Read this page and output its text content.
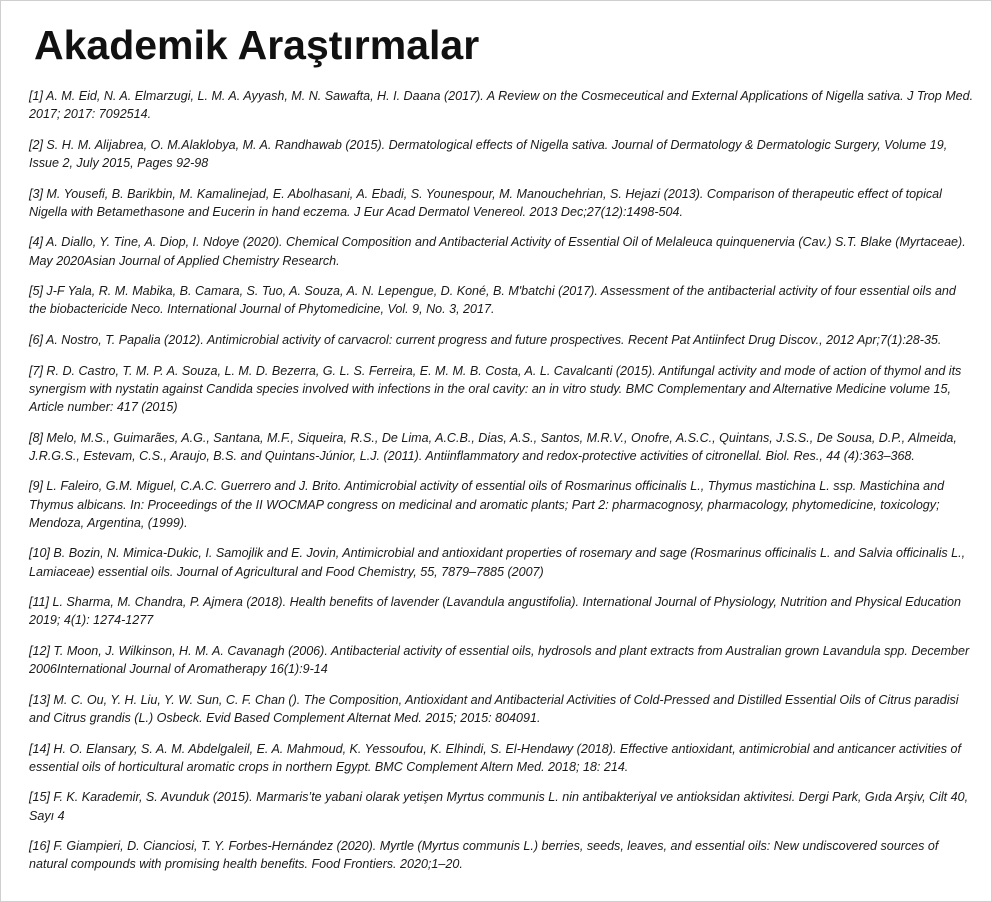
Akademik Araştırmalar
[1] A. M. Eid, N. A. Elmarzugi, L. M. A. Ayyash, M. N. Sawafta, H. I. Daana (2017). A Review on the Cosmeceutical and External Applications of Nigella sativa. J Trop Med. 2017; 2017: 7092514.
[2] S. H. M. Alijabrea, O. M.Alaklobya, M. A. Randhawab (2015). Dermatological effects of Nigella sativa. Journal of Dermatology & Dermatologic Surgery, Volume 19, Issue 2, July 2015, Pages 92-98
[3] M. Yousefi, B. Barikbin, M. Kamalinejad, E. Abolhasani, A. Ebadi, S. Younespour, M. Manouchehrian, S. Hejazi (2013). Comparison of therapeutic effect of topical Nigella with Betamethasone and Eucerin in hand eczema. J Eur Acad Dermatol Venereol. 2013 Dec;27(12):1498-504.
[4] A. Diallo, Y. Tine, A. Diop, I. Ndoye (2020). Chemical Composition and Antibacterial Activity of Essential Oil of Melaleuca quinquenervia (Cav.) S.T. Blake (Myrtaceae). May 2020Asian Journal of Applied Chemistry Research.
[5] J-F Yala, R. M. Mabika, B. Camara, S. Tuo, A. Souza, A. N. Lepengue, D. Koné, B. M'batchi (2017). Assessment of the antibacterial activity of four essential oils and the biobactericide Neco. International Journal of Phytomedicine, Vol. 9, No. 3, 2017.
[6] A. Nostro, T. Papalia (2012). Antimicrobial activity of carvacrol: current progress and future prospectives. Recent Pat Antiinfect Drug Discov., 2012 Apr;7(1):28-35.
[7] R. D. Castro, T. M. P. A. Souza, L. M. D. Bezerra, G. L. S. Ferreira, E. M. M. B. Costa, A. L. Cavalcanti (2015). Antifungal activity and mode of action of thymol and its synergism with nystatin against Candida species involved with infections in the oral cavity: an in vitro study. BMC Complementary and Alternative Medicine volume 15, Article number: 417 (2015)
[8] Melo, M.S., Guimarães, A.G., Santana, M.F., Siqueira, R.S., De Lima, A.C.B., Dias, A.S., Santos, M.R.V., Onofre, A.S.C., Quintans, J.S.S., De Sousa, D.P., Almeida, J.R.G.S., Estevam, C.S., Araujo, B.S. and Quintans-Júnior, L.J. (2011). Antiinflammatory and redox-protective activities of citronellal. Biol. Res., 44 (4):363–368.
[9] L. Faleiro, G.M. Miguel, C.A.C. Guerrero and J. Brito. Antimicrobial activity of essential oils of Rosmarinus officinalis L., Thymus mastichina L. ssp. Mastichina and Thymus albicans. In: Proceedings of the II WOCMAP congress on medicinal and aromatic plants; Part 2: pharmacognosy, pharmacology, phytomedicine, toxicology; Mendoza, Argentina, (1999).
[10] B. Bozin, N. Mimica-Dukic, I. Samojlik and E. Jovin, Antimicrobial and antioxidant properties of rosemary and sage (Rosmarinus officinalis L. and Salvia officinalis L., Lamiaceae) essential oils. Journal of Agricultural and Food Chemistry, 55, 7879–7885 (2007)
[11] L. Sharma, M. Chandra, P. Ajmera (2018). Health benefits of lavender (Lavandula angustifolia). International Journal of Physiology, Nutrition and Physical Education 2019; 4(1): 1274-1277
[12] T. Moon, J. Wilkinson, H. M. A. Cavanagh (2006). Antibacterial activity of essential oils, hydrosols and plant extracts from Australian grown Lavandula spp. December 2006International Journal of Aromatherapy 16(1):9-14
[13] M. C. Ou, Y. H. Liu, Y. W. Sun, C. F. Chan (). The Composition, Antioxidant and Antibacterial Activities of Cold-Pressed and Distilled Essential Oils of Citrus paradisi and Citrus grandis (L.) Osbeck. Evid Based Complement Alternat Med. 2015; 2015: 804091.
[14] H. O. Elansary, S. A. M. Abdelgaleil, E. A. Mahmoud, K. Yessoufou, K. Elhindi, S. El-Hendawy (2018). Effective antioxidant, antimicrobial and anticancer activities of essential oils of horticultural aromatic crops in northern Egypt. BMC Complement Altern Med. 2018; 18: 214.
[15] F. K. Karademir, S. Avunduk (2015). Marmaris’te yabani olarak yetişen Myrtus communis L. nin antibakteriyal ve antioksidan aktivitesi. Dergi Park, Gıda Arşiv, Cilt 40, Sayı 4
[16] F. Giampieri, D. Cianciosi, T. Y. Forbes-Hernández (2020). Myrtle (Myrtus communis L.) berries, seeds, leaves, and essential oils: New undiscovered sources of natural compounds with promising health benefits. Food Frontiers. 2020;1–20.
